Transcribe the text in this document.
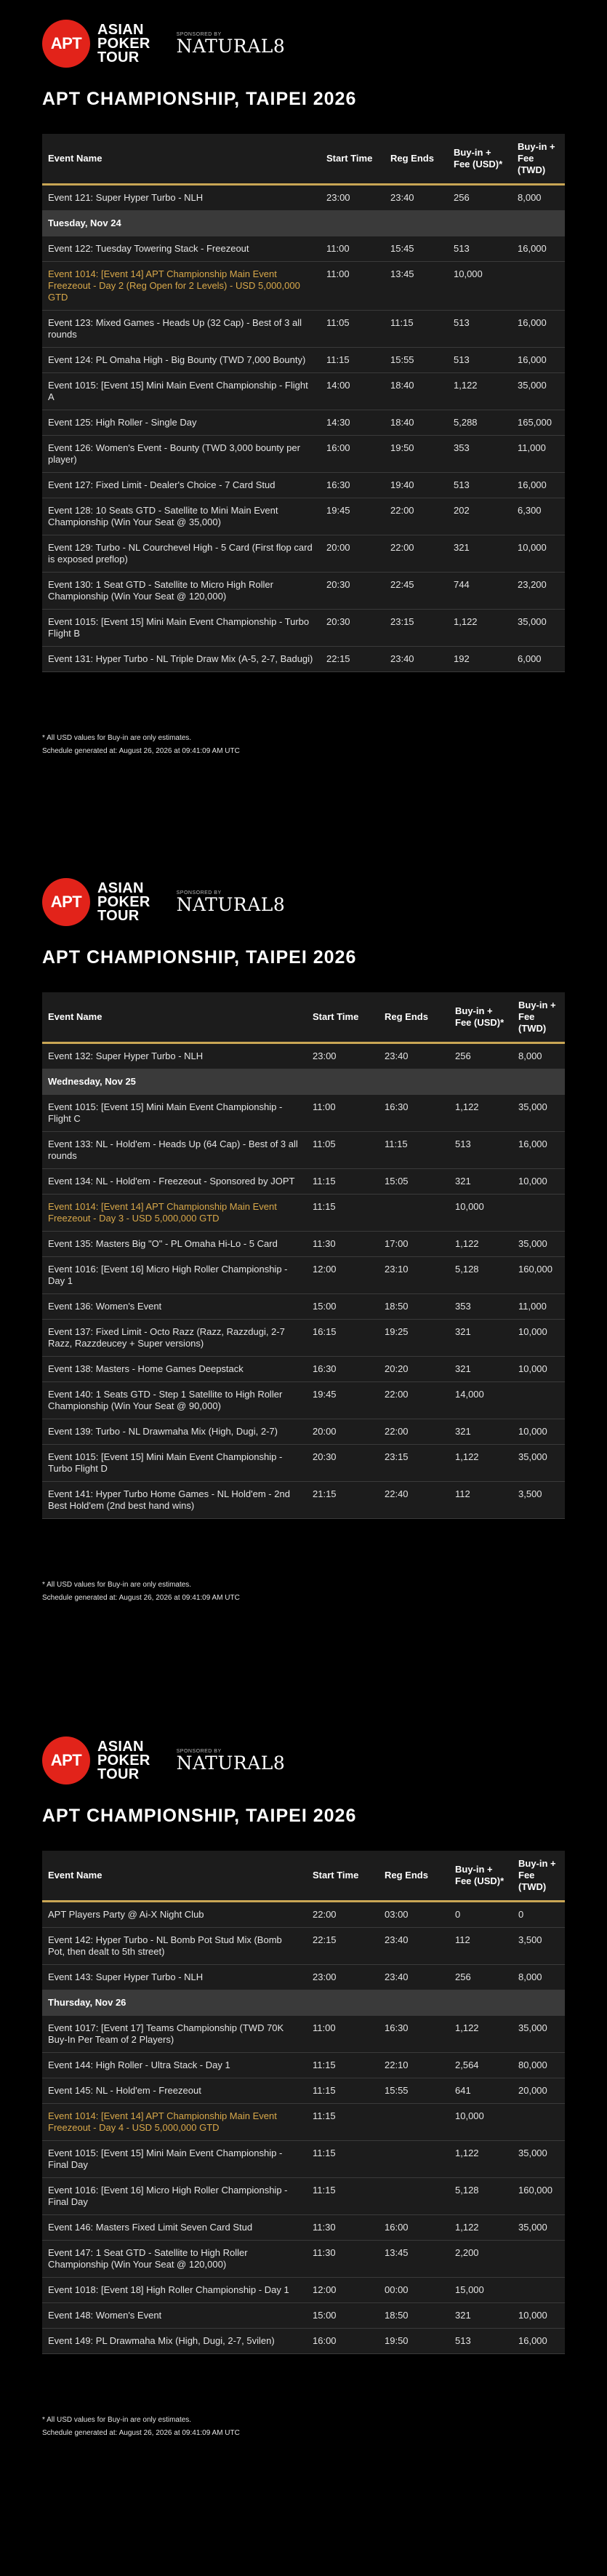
APT
ASIAN
POKER
TOUR
SPONSORED BY
NATURAL8
APT CHAMPIONSHIP, TAIPEI 2026
Event Name	Start Time	Reg Ends	Buy-in + Fee (USD)*	Buy-in + Fee (TWD)
Event 121: Super Hyper Turbo - NLH	23:00	23:40	256	8,000
Tuesday, Nov 24				
Event 122: Tuesday Towering Stack - Freezeout	11:00	15:45	513	16,000
Event 1014: [Event 14] APT Championship Main Event Freezeout - Day 2 (Reg Open for 2 Levels) - USD 5,000,000 GTD	11:00	13:45	10,000	
Event 123: Mixed Games - Heads Up (32 Cap) - Best of 3 all rounds	11:05	11:15	513	16,000
Event 124: PL Omaha High - Big Bounty (TWD 7,000 Bounty)	11:15	15:55	513	16,000
Event 1015: [Event 15] Mini Main Event Championship - Flight A	14:00	18:40	1,122	35,000
Event 125: High Roller - Single Day	14:30	18:40	5,288	165,000
Event 126: Women's Event - Bounty (TWD 3,000 bounty per player)	16:00	19:50	353	11,000
Event 127: Fixed Limit - Dealer's Choice - 7 Card Stud	16:30	19:40	513	16,000
Event 128: 10 Seats GTD - Satellite to Mini Main Event Championship (Win Your Seat @ 35,000)	19:45	22:00	202	6,300
Event 129: Turbo - NL Courchevel High - 5 Card (First flop card is exposed preflop)	20:00	22:00	321	10,000
Event 130: 1 Seat GTD - Satellite to Micro High Roller Championship (Win Your Seat @ 120,000)	20:30	22:45	744	23,200
Event 1015: [Event 15] Mini Main Event Championship - Turbo Flight B	20:30	23:15	1,122	35,000
Event 131: Hyper Turbo - NL Triple Draw Mix (A-5, 2-7, Badugi)	22:15	23:40	192	6,000
* All USD values for Buy-in are only estimates.
Schedule generated at: August 26, 2026 at 09:41:09 AM UTC
APT
ASIAN
POKER
TOUR
SPONSORED BY
NATURAL8
APT CHAMPIONSHIP, TAIPEI 2026
Event Name	Start Time	Reg Ends	Buy-in + Fee (USD)*	Buy-in + Fee (TWD)
Event 132: Super Hyper Turbo - NLH	23:00	23:40	256	8,000
Wednesday, Nov 25				
Event 1015: [Event 15] Mini Main Event Championship - Flight C	11:00	16:30	1,122	35,000
Event 133: NL - Hold'em - Heads Up (64 Cap) - Best of 3 all rounds	11:05	11:15	513	16,000
Event 134: NL - Hold'em - Freezeout - Sponsored by JOPT	11:15	15:05	321	10,000
Event 1014: [Event 14] APT Championship Main Event Freezeout - Day 3 - USD 5,000,000 GTD	11:15		10,000	
Event 135: Masters Big "O" - PL Omaha Hi-Lo - 5 Card	11:30	17:00	1,122	35,000
Event 1016: [Event 16] Micro High Roller Championship - Day 1	12:00	23:10	5,128	160,000
Event 136: Women's Event	15:00	18:50	353	11,000
Event 137: Fixed Limit - Octo Razz (Razz, Razzdugi, 2-7 Razz, Razzdeucey + Super versions)	16:15	19:25	321	10,000
Event 138: Masters - Home Games Deepstack	16:30	20:20	321	10,000
Event 140: 1 Seats GTD - Step 1 Satellite to High Roller Championship (Win Your Seat @ 90,000)	19:45	22:00	14,000	
Event 139: Turbo - NL Drawmaha Mix (High, Dugi, 2-7)	20:00	22:00	321	10,000
Event 1015: [Event 15] Mini Main Event Championship - Turbo Flight D	20:30	23:15	1,122	35,000
Event 141: Hyper Turbo Home Games - NL Hold'em - 2nd Best Hold'em (2nd best hand wins)	21:15	22:40	112	3,500
* All USD values for Buy-in are only estimates.
Schedule generated at: August 26, 2026 at 09:41:09 AM UTC
APT
ASIAN
POKER
TOUR
SPONSORED BY
NATURAL8
APT CHAMPIONSHIP, TAIPEI 2026
Event Name	Start Time	Reg Ends	Buy-in + Fee (USD)*	Buy-in + Fee (TWD)
APT Players Party @ Ai-X Night Club	22:00	03:00	0	0
Event 142: Hyper Turbo - NL Bomb Pot Stud Mix (Bomb Pot, then dealt to 5th street)	22:15	23:40	112	3,500
Event 143: Super Hyper Turbo - NLH	23:00	23:40	256	8,000
Thursday, Nov 26				
Event 1017: [Event 17] Teams Championship (TWD 70K Buy-In Per Team of 2 Players)	11:00	16:30	1,122	35,000
Event 144: High Roller - Ultra Stack - Day 1	11:15	22:10	2,564	80,000
Event 145: NL - Hold'em - Freezeout	11:15	15:55	641	20,000
Event 1014: [Event 14] APT Championship Main Event Freezeout - Day 4 - USD 5,000,000 GTD	11:15		10,000	
Event 1015: [Event 15] Mini Main Event Championship - Final Day	11:15		1,122	35,000
Event 1016: [Event 16] Micro High Roller Championship - Final Day	11:15		5,128	160,000
Event 146: Masters Fixed Limit Seven Card Stud	11:30	16:00	1,122	35,000
Event 147: 1 Seat GTD - Satellite to High Roller Championship (Win Your Seat @ 120,000)	11:30	13:45	2,200	
Event 1018: [Event 18] High Roller Championship - Day 1	12:00	00:00	15,000	
Event 148: Women's Event	15:00	18:50	321	10,000
Event 149: PL Drawmaha Mix (High, Dugi, 2-7, 5vilen)	16:00	19:50	513	16,000
* All USD values for Buy-in are only estimates.
Schedule generated at: August 26, 2026 at 09:41:09 AM UTC
